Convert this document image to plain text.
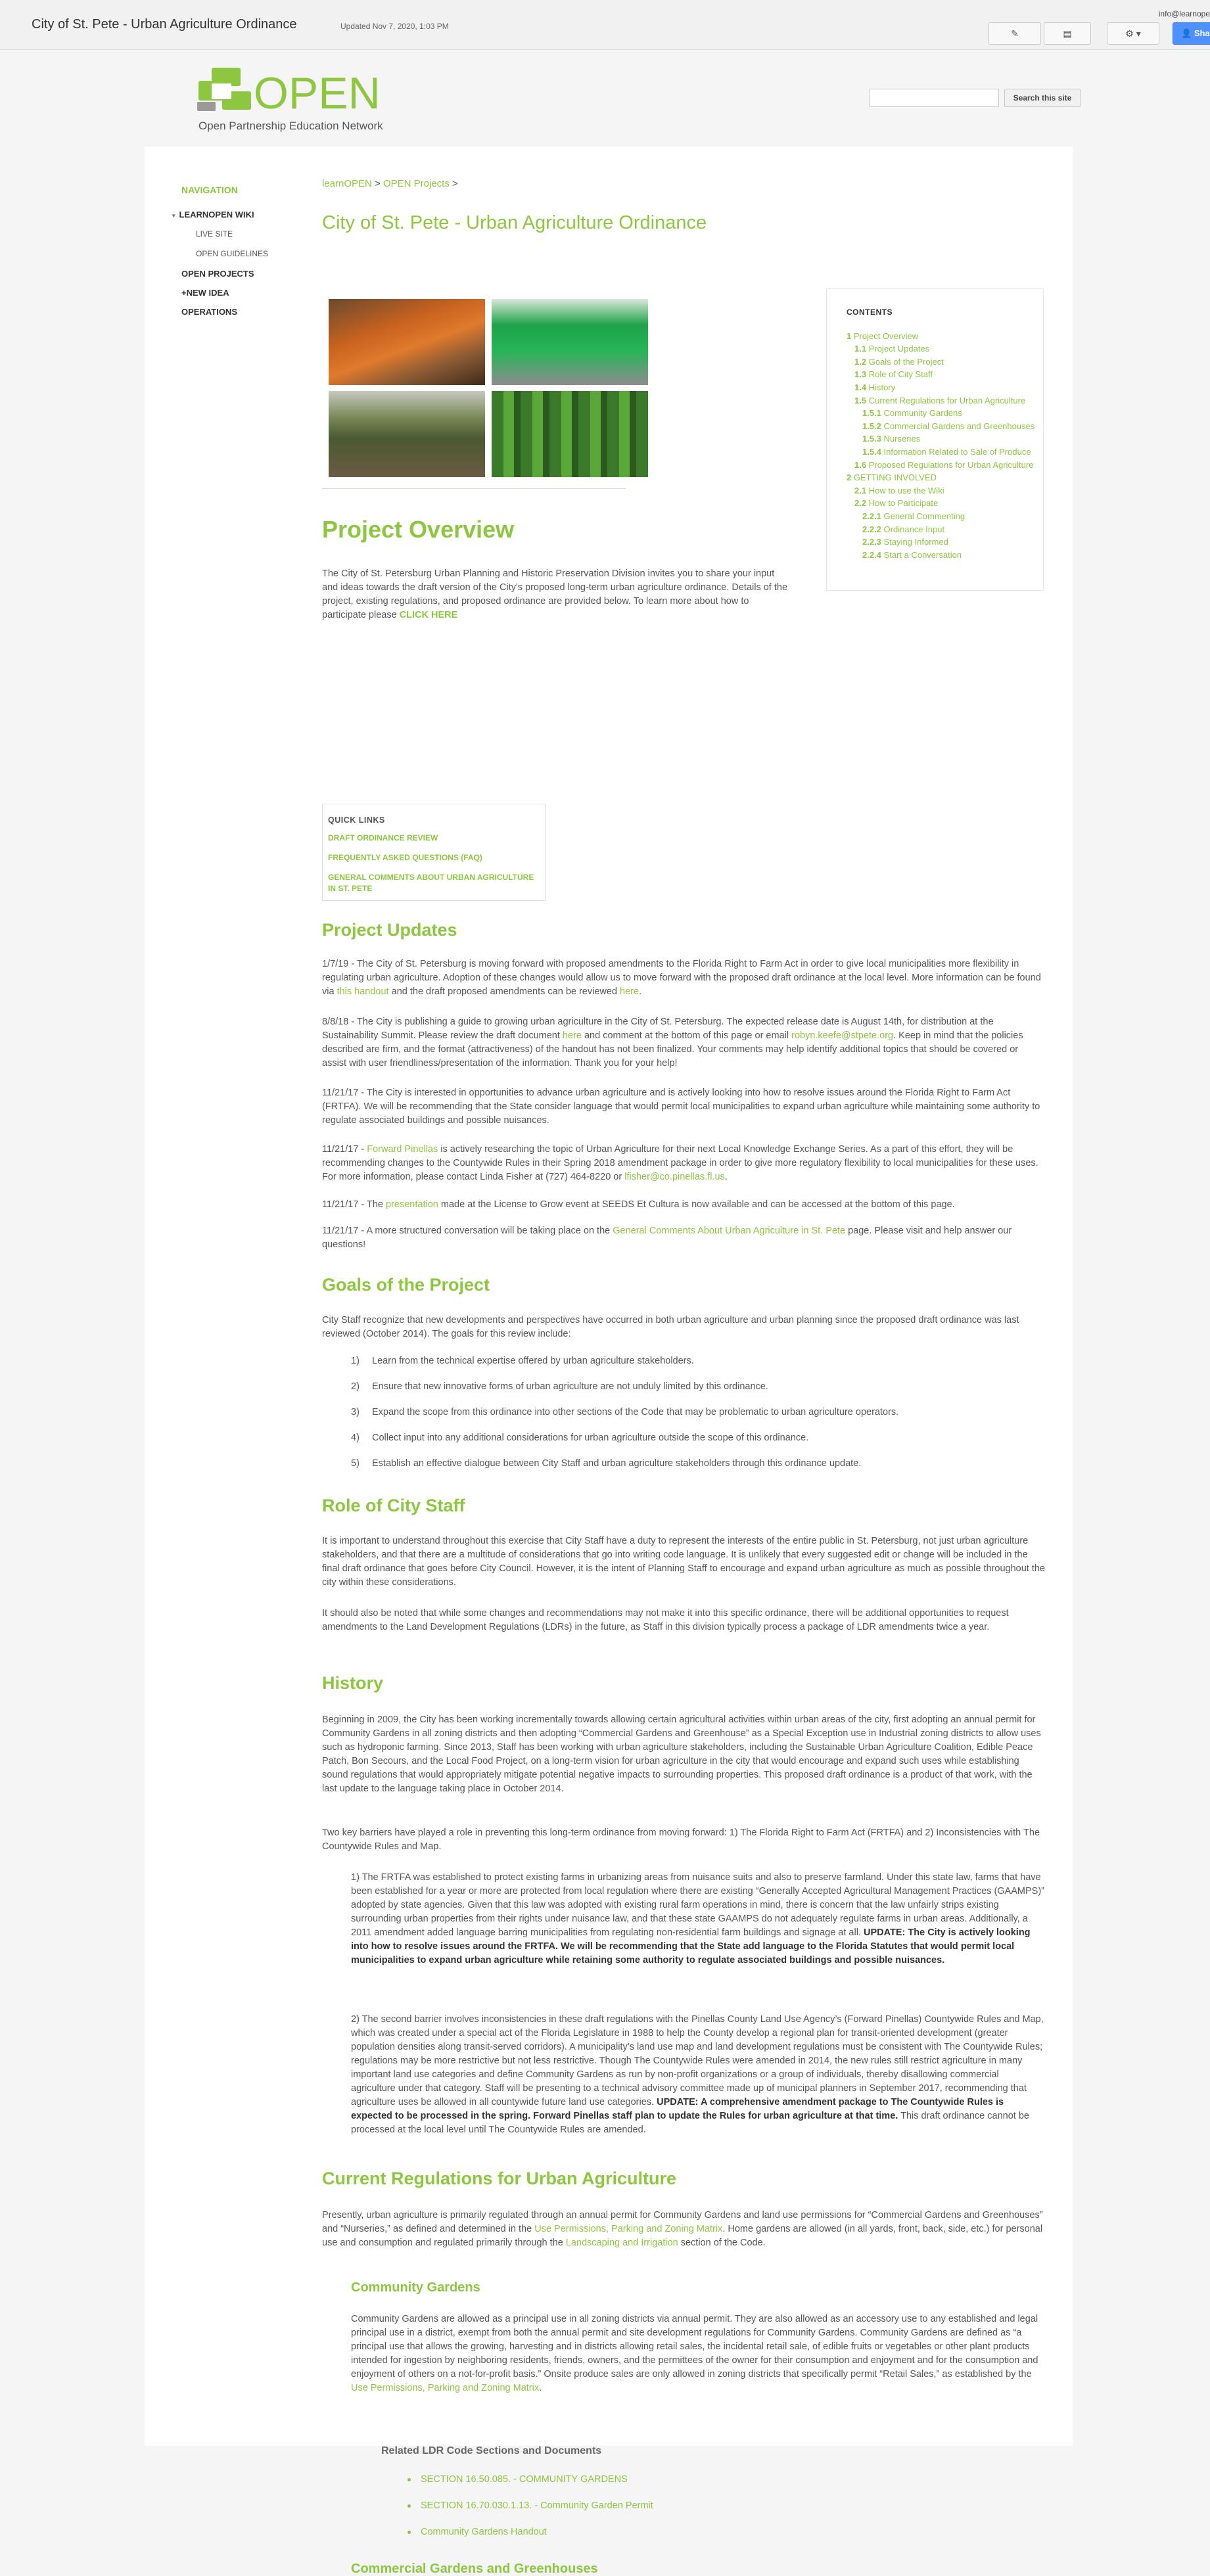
City of St. Pete - Urban Agriculture Ordinance	Updated Nov 7, 2020, 1:03 PM
info@learnope
✎	▤	⚙ ▾	👤 Sha
OPEN
Open Partnership Education Network
Search this site
NAVIGATION
▾ LEARNOPEN WIKI
LIVE SITE
OPEN GUIDELINES
OPEN PROJECTS
+NEW IDEA
OPERATIONS
learnOPEN > OPEN Projects >
City of St. Pete - Urban Agriculture Ordinance
CONTENTS
1 Project Overview
1.1 Project Updates
1.2 Goals of the Project
1.3 Role of City Staff
1.4 History
1.5 Current Regulations for Urban Agriculture
1.5.1 Community Gardens
1.5.2 Commercial Gardens and Greenhouses
1.5.3 Nurseries
1.5.4 Information Related to Sale of Produce
1.6 Proposed Regulations for Urban Agriculture
2 GETTING INVOLVED
2.1 How to use the Wiki
2.2 How to Participate
2.2.1 General Commenting
2.2.2 Ordinance Input
2.2.3 Staying Informed
2.2.4 Start a Conversation
Project Overview

The City of St. Petersburg Urban Planning and Historic Preservation Division invites you to share your input and ideas towards the draft version of the City's proposed long-term urban agriculture ordinance. Details of the project, existing regulations, and proposed ordinance are provided below. To learn more about how to participate please CLICK HERE

QUICK LINKS
DRAFT ORDINANCE REVIEW
FREQUENTLY ASKED QUESTIONS (FAQ)
GENERAL COMMENTS ABOUT URBAN AGRICULTURE IN ST. PETE
Project Updates

1/7/19 - The City of St. Petersburg is moving forward with proposed amendments to the Florida Right to Farm Act in order to give local municipalities more flexibility in regulating urban agriculture. Adoption of these changes would allow us to move forward with the proposed draft ordinance at the local level. More information can be found via this handout and the draft proposed amendments can be reviewed here.

8/8/18 - The City is publishing a guide to growing urban agriculture in the City of St. Petersburg. The expected release date is August 14th, for distribution at the Sustainability Summit. Please review the draft document here and comment at the bottom of this page or email robyn.keefe@stpete.org. Keep in mind that the policies described are firm, and the format (attractiveness) of the handout has not been finalized. Your comments may help identify additional topics that should be covered or assist with user friendliness/presentation of the information. Thank you for your help!

11/21/17 - The City is interested in opportunities to advance urban agriculture and is actively looking into how to resolve issues around the Florida Right to Farm Act (FRTFA). We will be recommending that the State consider language that would permit local municipalities to expand urban agriculture while maintaining some authority to regulate associated buildings and possible nuisances.

11/21/17 - Forward Pinellas is actively researching the topic of Urban Agriculture for their next Local Knowledge Exchange Series. As a part of this effort, they will be recommending changes to the Countywide Rules in their Spring 2018 amendment package in order to give more regulatory flexibility to local municipalities for these uses. For more information, please contact Linda Fisher at (727) 464-8220 or lfisher@co.pinellas.fl.us.

11/21/17 - The presentation made at the License to Grow event at SEEDS Et Cultura is now available and can be accessed at the bottom of this page.

11/21/17 - A more structured conversation will be taking place on the General Comments About Urban Agriculture in St. Pete page. Please visit and help answer our questions!

Goals of the Project

City Staff recognize that new developments and perspectives have occurred in both urban agriculture and urban planning since the proposed draft ordinance was last reviewed (October 2014). The goals for this review include:

1) Learn from the technical expertise offered by urban agriculture stakeholders.
2) Ensure that new innovative forms of urban agriculture are not unduly limited by this ordinance.
3) Expand the scope from this ordinance into other sections of the Code that may be problematic to urban agriculture operators.
4) Collect input into any additional considerations for urban agriculture outside the scope of this ordinance.
5) Establish an effective dialogue between City Staff and urban agriculture stakeholders through this ordinance update.
Role of City Staff

It is important to understand throughout this exercise that City Staff have a duty to represent the interests of the entire public in St. Petersburg, not just urban agriculture stakeholders, and that there are a multitude of considerations that go into writing code language. It is unlikely that every suggested edit or change will be included in the final draft ordinance that goes before City Council. However, it is the intent of Planning Staff to encourage and expand urban agriculture as much as possible throughout the city within these considerations.

It should also be noted that while some changes and recommendations may not make it into this specific ordinance, there will be additional opportunities to request amendments to the Land Development Regulations (LDRs) in the future, as Staff in this division typically process a package of LDR amendments twice a year.

History

Beginning in 2009, the City has been working incrementally towards allowing certain agricultural activities within urban areas of the city, first adopting an annual permit for Community Gardens in all zoning districts and then adopting “Commercial Gardens and Greenhouse” as a Special Exception use in Industrial zoning districts to allow uses such as hydroponic farming. Since 2013, Staff has been working with urban agriculture stakeholders, including the Sustainable Urban Agriculture Coalition, Edible Peace Patch, Bon Secours, and the Local Food Project, on a long-term vision for urban agriculture in the city that would encourage and expand such uses while establishing sound regulations that would appropriately mitigate potential negative impacts to surrounding properties. This proposed draft ordinance is a product of that work, with the last update to the language taking place in October 2014.

Two key barriers have played a role in preventing this long-term ordinance from moving forward: 1) The Florida Right to Farm Act (FRTFA) and 2) Inconsistencies with The Countywide Rules and Map.

1) The FRTFA was established to protect existing farms in urbanizing areas from nuisance suits and also to preserve farmland. Under this state law, farms that have been established for a year or more are protected from local regulation where there are existing “Generally Accepted Agricultural Management Practices (GAAMPS)” adopted by state agencies. Given that this law was adopted with existing rural farm operations in mind, there is concern that the law unfairly strips existing surrounding urban properties from their rights under nuisance law, and that these state GAAMPS do not adequately regulate farms in urban areas. Additionally, a 2011 amendment added language barring municipalities from regulating non-residential farm buildings and signage at all. UPDATE: The City is actively looking into how to resolve issues around the FRTFA. We will be recommending that the State add language to the Florida Statutes that would permit local municipalities to expand urban agriculture while retaining some authority to regulate associated buildings and possible nuisances.

2) The second barrier involves inconsistencies in these draft regulations with the Pinellas County Land Use Agency’s (Forward Pinellas) Countywide Rules and Map, which was created under a special act of the Florida Legislature in 1988 to help the County develop a regional plan for transit-oriented development (greater population densities along transit-served corridors). A municipality’s land use map and land development regulations must be consistent with The Countywide Rules; regulations may be more restrictive but not less restrictive. Though The Countywide Rules were amended in 2014, the new rules still restrict agriculture in many important land use categories and define Community Gardens as run by non-profit organizations or a group of individuals, thereby disallowing commercial agriculture under that category. Staff will be presenting to a technical advisory committee made up of municipal planners in September 2017, recommending that agriculture uses be allowed in all countywide future land use categories. UPDATE: A comprehensive amendment package to The Countywide Rules is expected to be processed in the spring. Forward Pinellas staff plan to update the Rules for urban agriculture at that time. This draft ordinance cannot be processed at the local level until The Countywide Rules are amended.

Current Regulations for Urban Agriculture

Presently, urban agriculture is primarily regulated through an annual permit for Community Gardens and land use permissions for “Commercial Gardens and Greenhouses” and “Nurseries,” as defined and determined in the Use Permissions, Parking and Zoning Matrix. Home gardens are allowed (in all yards, front, back, side, etc.) for personal use and consumption and regulated primarily through the Landscaping and Irrigation section of the Code.

Community Gardens

Community Gardens are allowed as a principal use in all zoning districts via annual permit. They are also allowed as an accessory use to any established and legal principal use in a district, exempt from both the annual permit and site development regulations for Community Gardens. Community Gardens are defined as “a principal use that allows the growing, harvesting and in districts allowing retail sales, the incidental retail sale, of edible fruits or vegetables or other plant products intended for ingestion by neighboring residents, friends, owners, and the permittees of the owner for their consumption and enjoyment and for the consumption and enjoyment of others on a not-for-profit basis.” Onsite produce sales are only allowed in zoning districts that specifically permit “Retail Sales,” as established by the Use Permissions, Parking and Zoning Matrix.

Related LDR Code Sections and Documents
SECTION 16.50.085. - COMMUNITY GARDENS
SECTION 16.70.030.1.13. - Community Garden Permit
Community Gardens Handout
Commercial Gardens and Greenhouses
